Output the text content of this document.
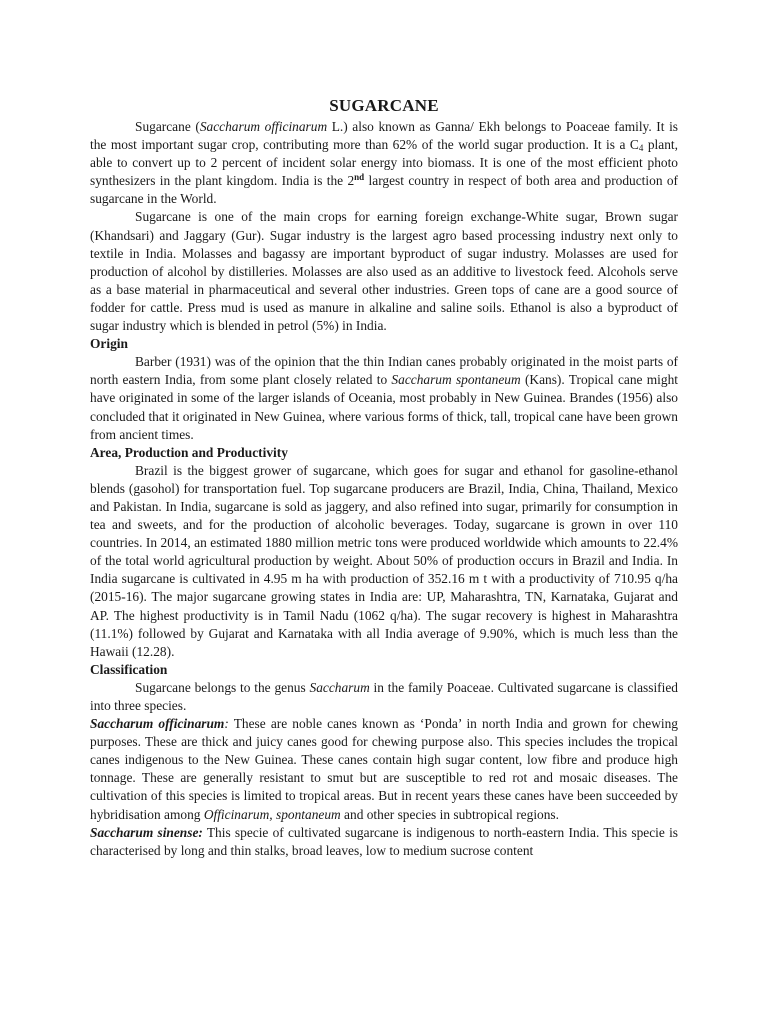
SUGARCANE

Sugarcane (Saccharum officinarum L.) also known as Ganna/ Ekh belongs to Poaceae family. It is the most important sugar crop, contributing more than 62% of the world sugar production. It is a $C_4$ plant, able to convert up to 2 percent of incident solar energy into biomass. It is one of the most efficient photo synthesizers in the plant kingdom. India is the 2nd largest country in respect of both area and production of sugarcane in the World.

Sugarcane is one of the main crops for earning foreign exchange-White sugar, Brown sugar (Khandsari) and Jaggary (Gur). Sugar industry is the largest agro based processing industry next only to textile in India. Molasses and bagassy are important byproduct of sugar industry. Molasses are used for production of alcohol by distilleries. Molasses are also used as an additive to livestock feed. Alcohols serve as a base material in pharmaceutical and several other industries. Green tops of cane are a good source of fodder for cattle. Press mud is used as manure in alkaline and saline soils. Ethanol is also a byproduct of sugar industry which is blended in petrol (5%) in India.

Origin

Barber (1931) was of the opinion that the thin Indian canes probably originated in the moist parts of north eastern India, from some plant closely related to Saccharum spontaneum (Kans). Tropical cane might have originated in some of the larger islands of Oceania, most probably in New Guinea. Brandes (1956) also concluded that it originated in New Guinea, where various forms of thick, tall, tropical cane have been grown from ancient times.

Area, Production and Productivity

Brazil is the biggest grower of sugarcane, which goes for sugar and ethanol for gasoline-ethanol blends (gasohol) for transportation fuel. Top sugarcane producers are Brazil, India, China, Thailand, Mexico and Pakistan. In India, sugarcane is sold as jaggery, and also refined into sugar, primarily for consumption in tea and sweets, and for the production of alcoholic beverages. Today, sugarcane is grown in over 110 countries. In 2014, an estimated 1880 million metric tons were produced worldwide which amounts to 22.4% of the total world agricultural production by weight. About 50% of production occurs in Brazil and India. In India sugarcane is cultivated in 4.95 m ha with production of 352.16 m t with a productivity of 710.95 q/ha (2015-16). The major sugarcane growing states in India are: UP, Maharashtra, TN, Karnataka, Gujarat and AP. The highest productivity is in Tamil Nadu (1062 q/ha). The sugar recovery is highest in Maharashtra (11.1%) followed by Gujarat and Karnataka with all India average of 9.90%, which is much less than the Hawaii (12.28).

Classification

Sugarcane belongs to the genus Saccharum in the family Poaceae. Cultivated sugarcane is classified into three species.

Saccharum officinarum: These are noble canes known as ‘Ponda’ in north India and grown for chewing purposes. These are thick and juicy canes good for chewing purpose also. This species includes the tropical canes indigenous to the New Guinea. These canes contain high sugar content, low fibre and produce high tonnage. These are generally resistant to smut but are susceptible to red rot and mosaic diseases. The cultivation of this species is limited to tropical areas. But in recent years these canes have been succeeded by hybridisation among Officinarum, spontaneum and other species in subtropical regions.

Saccharum sinense: This specie of cultivated sugarcane is indigenous to north-eastern India. This specie is characterised by long and thin stalks, broad leaves, low to medium sucrose content
